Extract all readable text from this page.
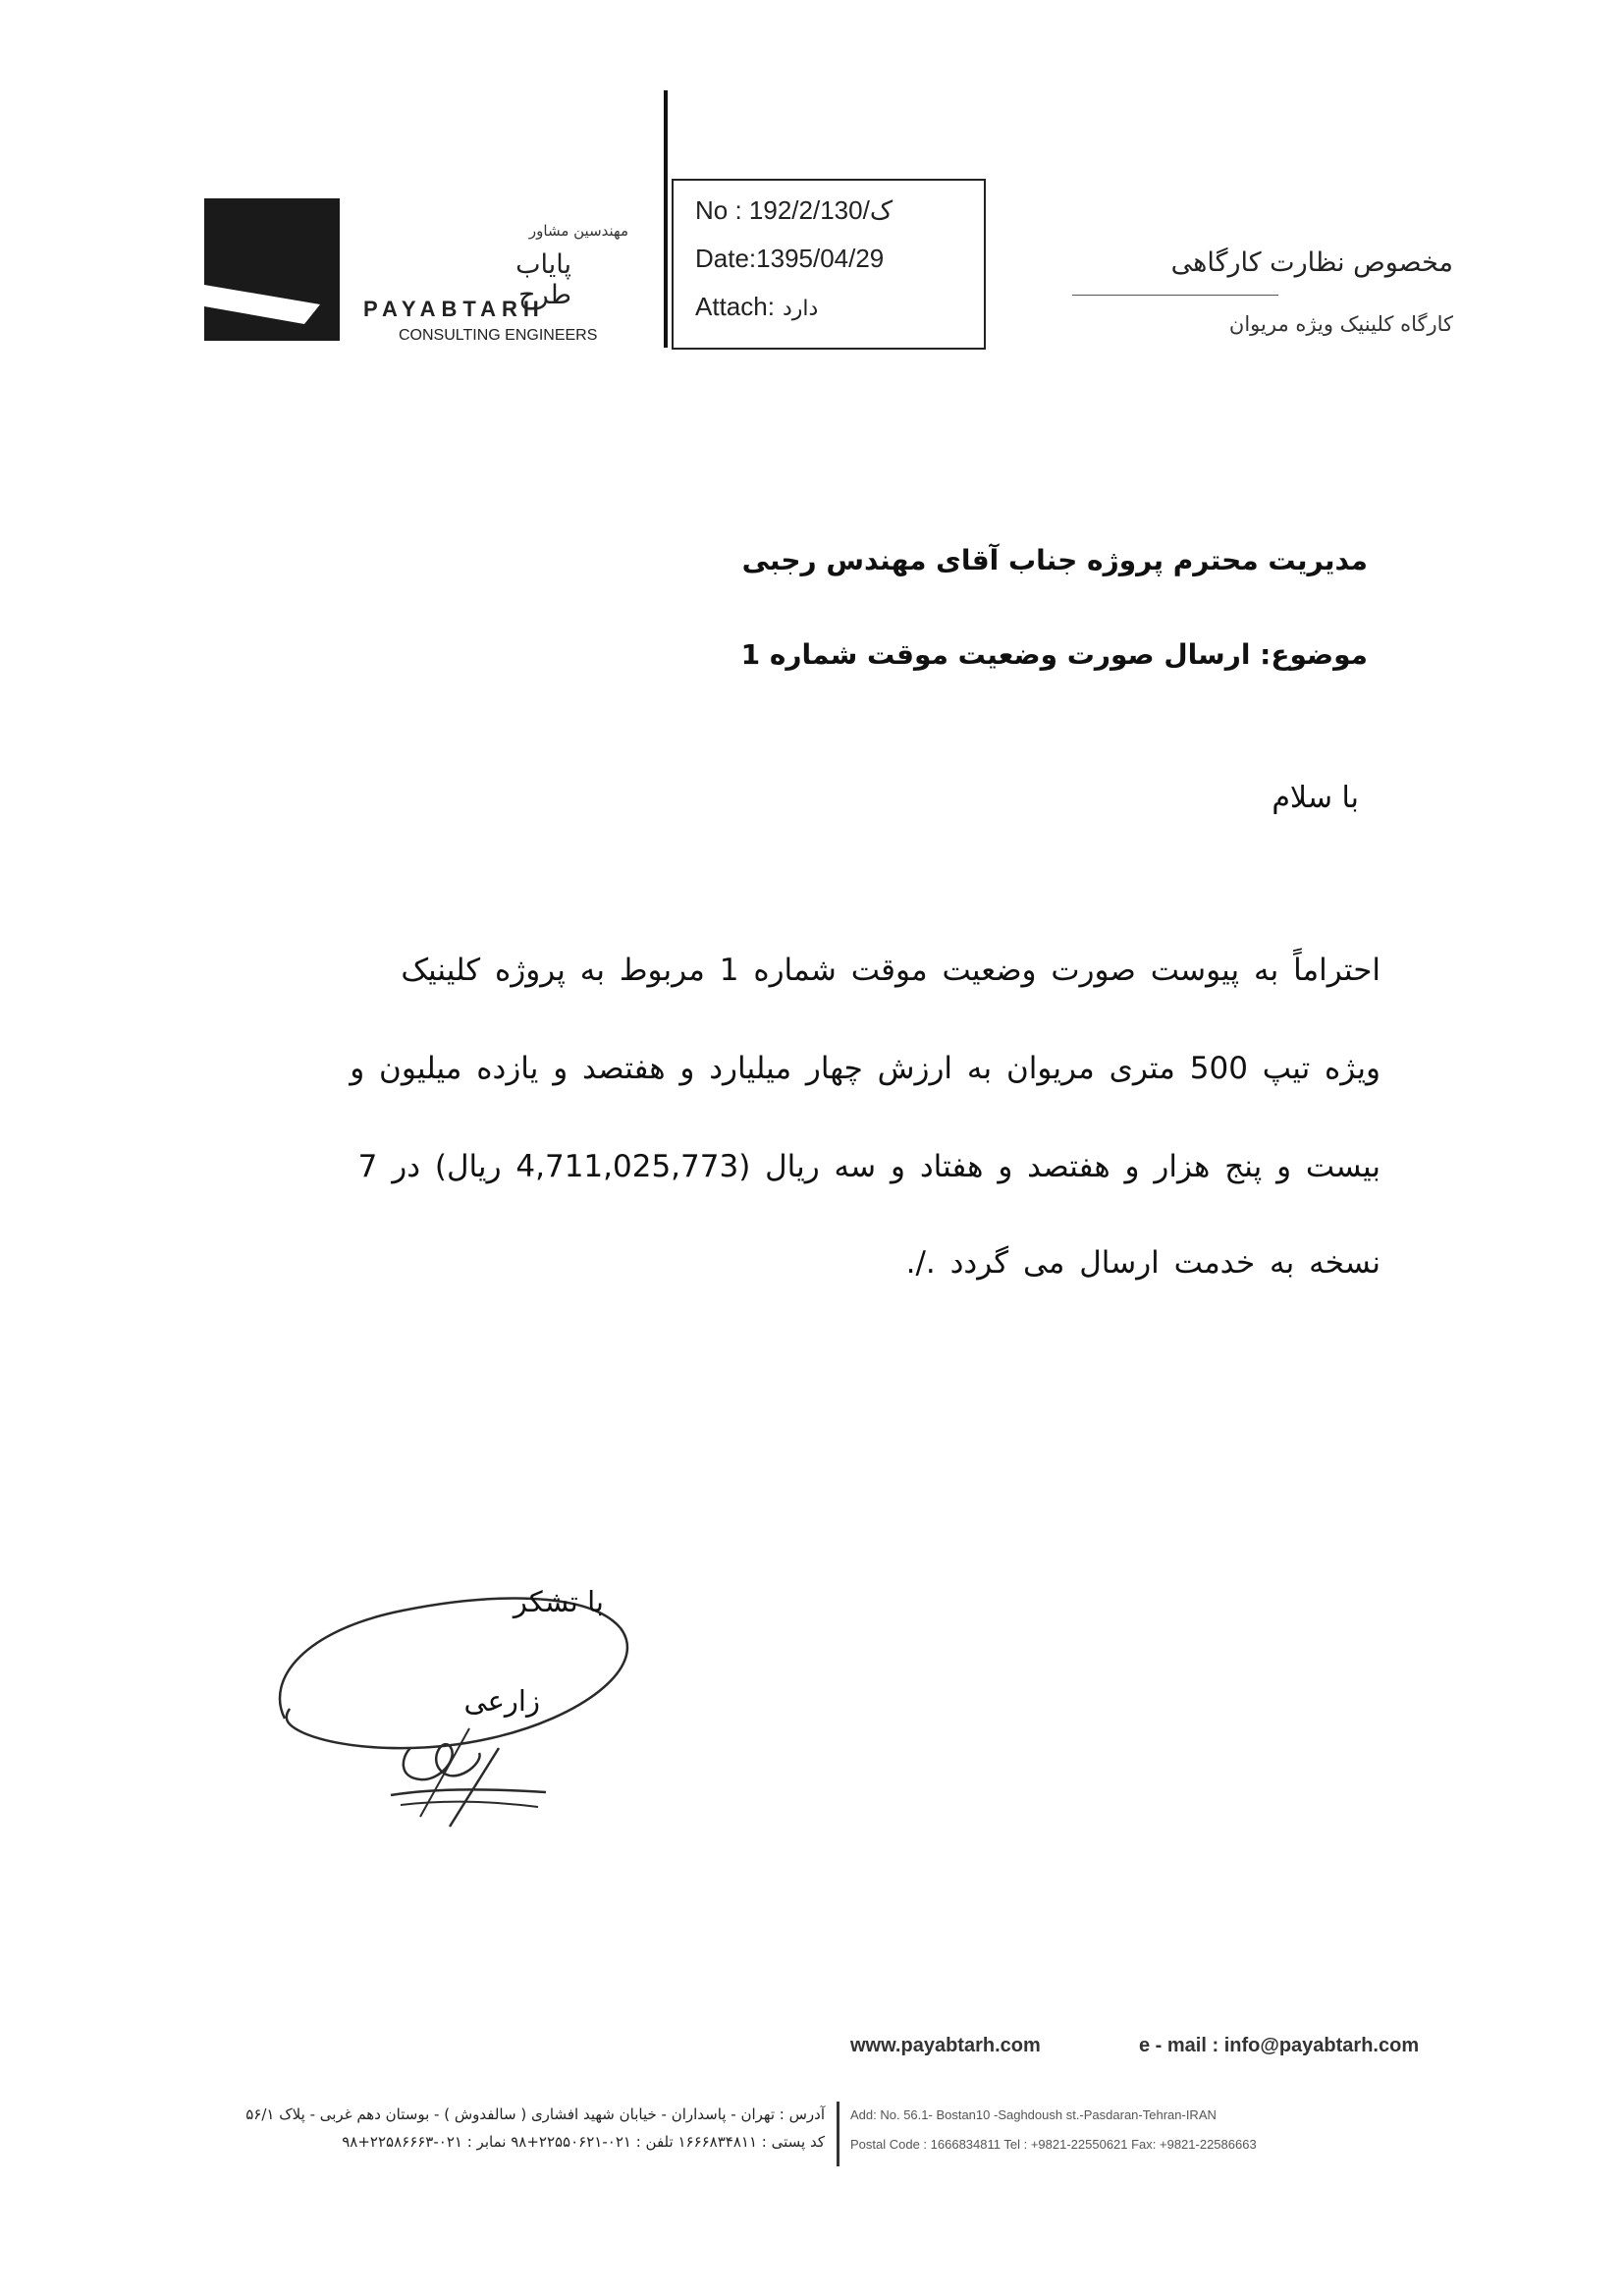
مهندسین مشاور
پایاب طرح
PAYABTARH
CONSULTING ENGINEERS
No : 192/2/ک/130
Date:1395/04/29
Attach: دارد
مخصوص نظارت کارگاهی
کارگاه کلینیک ویژه مریوان
مدیریت محترم پروژه جناب آقای مهندس رجبی
موضوع: ارسال صورت وضعیت موقت شماره 1
با سلام
احتراماً به پیوست صورت وضعیت موقت شماره 1 مربوط به پروژه کلینیک
ویژه تیپ 500 متری مریوان به ارزش چهار میلیارد و هفتصد و یازده میلیون و
بیست و پنج هزار و هفتصد و هفتاد و سه ریال (4,711,025,773 ریال) در 7
نسخه به خدمت ارسال می گردد ./.
با تشکر
زارعی
www.payabtarh.com	e - mail : info@payabtarh.com
آدرس : تهران - پاسداران - خیابان شهید افشاری ( سالفدوش ) - بوستان دهم غربی - پلاک ۵۶/۱
کد پستی : ۱۶۶۶۸۳۴۸۱۱ تلفن : ۰۲۱-۲۲۵۵۰۶۲۱+۹۸ نمابر : ۰۲۱-۲۲۵۸۶۶۶۳+۹۸
Add: No. 56.1- Bostan10 -Saghdoush st.-Pasdaran-Tehran-IRAN
Postal Code : 1666834811 Tel : +9821-22550621 Fax: +9821-22586663
